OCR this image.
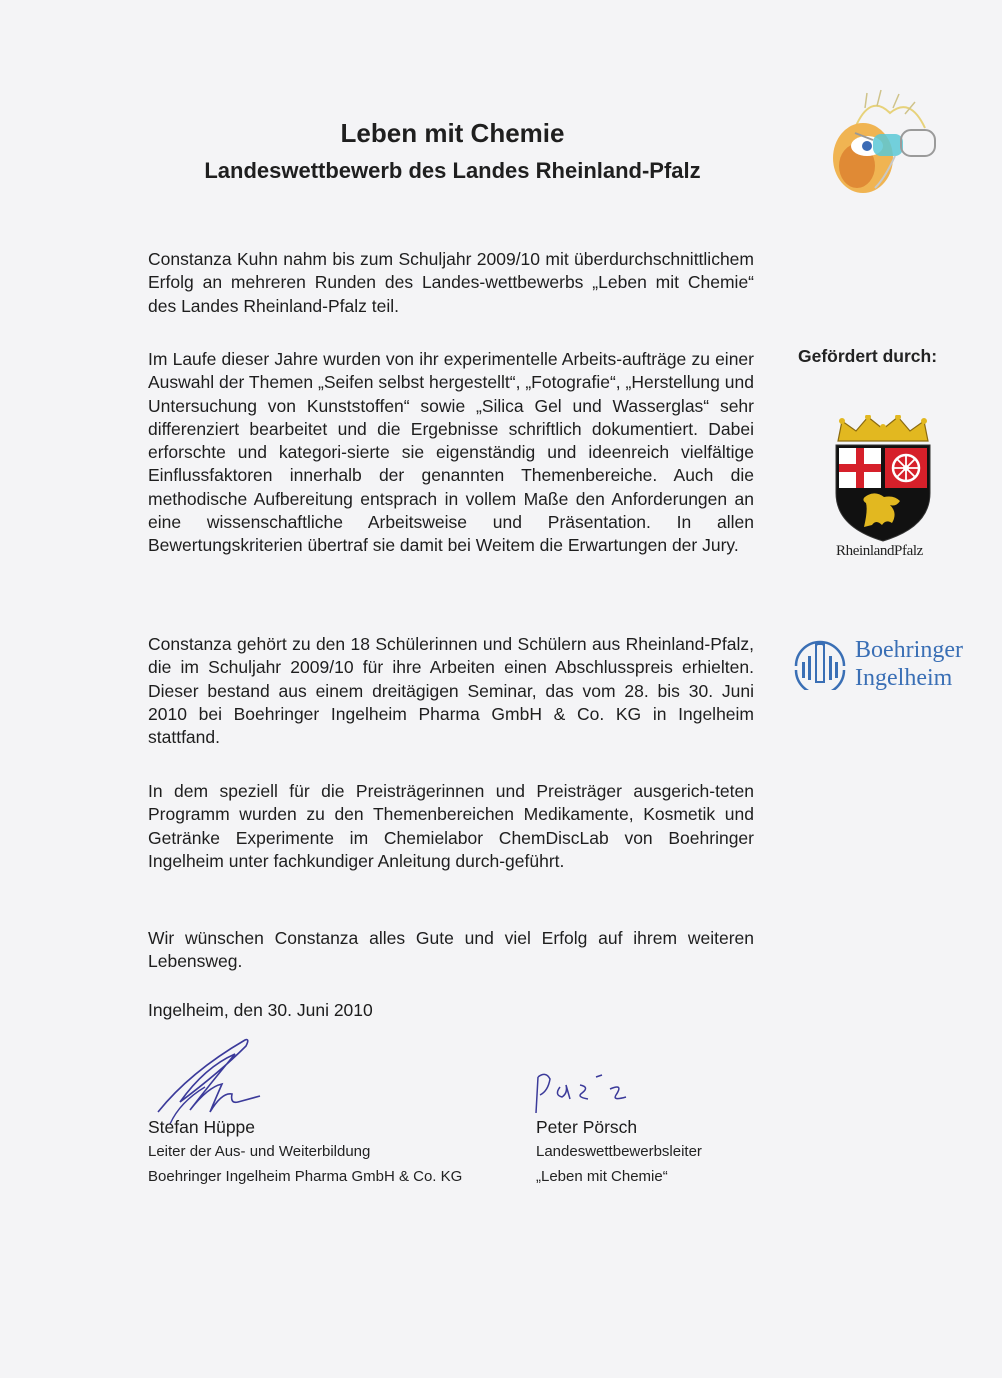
Leben mit Chemie
Landeswettbewerb des Landes Rheinland-Pfalz

Constanza Kuhn nahm bis zum Schuljahr 2009/10 mit überdurchschnittlichem Erfolg an mehreren Runden des Landes-wettbewerbs „Leben mit Chemie“ des Landes Rheinland-Pfalz teil.

Im Laufe dieser Jahre wurden von ihr experimentelle Arbeits-aufträge zu einer Auswahl der Themen „Seifen selbst hergestellt“, „Fotografie“, „Herstellung und Untersuchung von Kunststoffen“ sowie „Silica Gel und Wasserglas“ sehr differenziert bearbeitet und die Ergebnisse schriftlich dokumentiert. Dabei erforschte und kategori-sierte sie eigenständig und ideenreich vielfältige Einflussfaktoren innerhalb der genannten Themenbereiche. Auch die methodische Aufbereitung entsprach in vollem Maße den Anforderungen an eine wissenschaftliche Arbeitsweise und Präsentation. In allen Bewertungskriterien übertraf sie damit bei Weitem die Erwartungen der Jury.

Constanza gehört zu den 18 Schülerinnen und Schülern aus Rheinland-Pfalz, die im Schuljahr 2009/10 für ihre Arbeiten einen Abschlusspreis erhielten. Dieser bestand aus einem dreitägigen Seminar, das vom 28. bis 30. Juni 2010 bei Boehringer Ingelheim Pharma GmbH & Co. KG in Ingelheim stattfand.

In dem speziell für die Preisträgerinnen und Preisträger ausgerich-teten Programm wurden zu den Themenbereichen Medikamente, Kosmetik und Getränke Experimente im Chemielabor ChemDiscLab von Boehringer Ingelheim unter fachkundiger Anleitung durch-geführt.

Wir wünschen Constanza alles Gute und viel Erfolg auf ihrem weiteren Lebensweg.

Ingelheim, den 30. Juni 2010

Stefan Hüppe

Leiter der Aus- und Weiterbildung

Boehringer Ingelheim Pharma GmbH & Co. KG

Peter Pörsch

Landeswettbewerbsleiter

„Leben mit Chemie“

Gefördert durch:

RheinlandPfalz

Boehringer

Ingelheim
